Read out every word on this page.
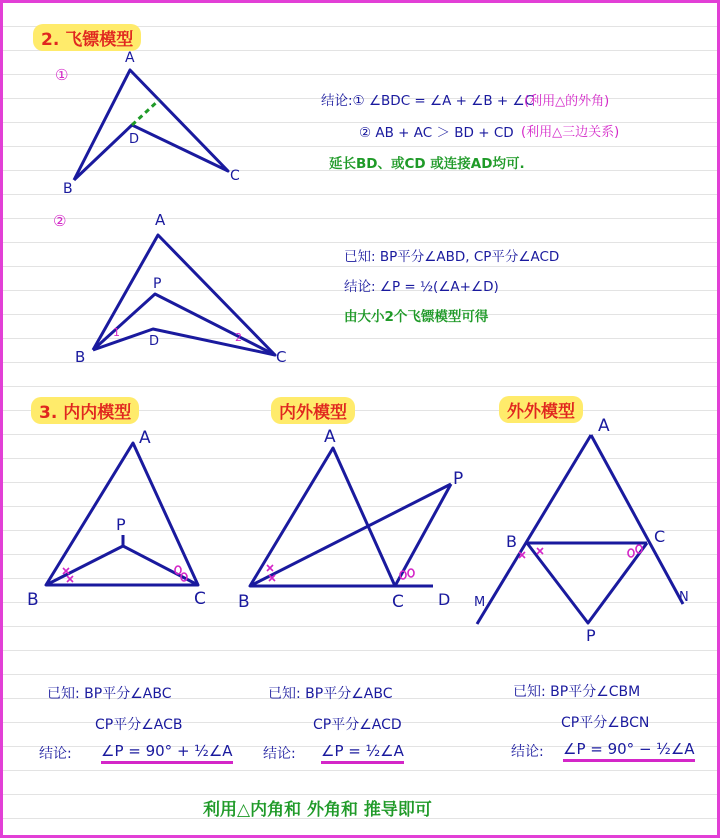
2. 飞镖模型
①
A
B
C
D
结论:① ∠BDC = ∠A + ∠B + ∠C
(利用△的外角)
② AB + AC ＞ BD + CD (利用△三边关系)
延长BD、或CD 或连接AD均可.
②	A
P
B	C
D
1	2
已知: BP平分∠ABD, CP平分∠ACD
结论: ∠P = ½(∠A+∠D)
由大小2个飞镖模型可得
3. 内内模型	内外模型	外外模型
A
P
B	C
A
P
B	C D
A
B	C
P
M	N
已知: BP平分∠ABC
CP平分∠ACB
结论: ∠P = 90° + ½∠A
已知: BP平分∠ABC
CP平分∠ACD
结论: ∠P = ½∠A
已知: BP平分∠CBM
CP平分∠BCN
结论: ∠P = 90° − ½∠A
利用△内角和 外角和 推导即可
